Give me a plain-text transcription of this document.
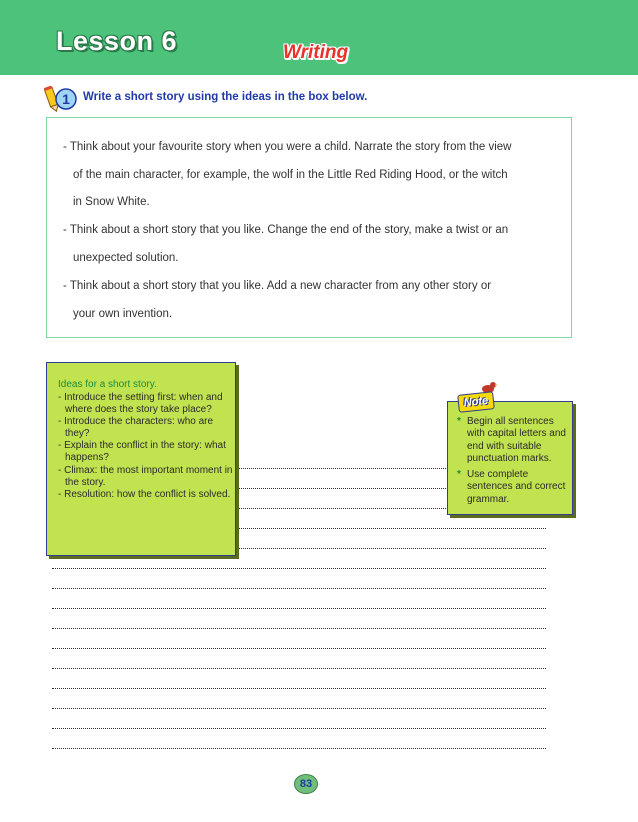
Lesson 6	Writing
1 Write a short story using the ideas in the box below.
- Think about your favourite story when you were a child. Narrate the story from the view
of the main character, for example, the wolf in the Little Red Riding Hood, or the witch
in Snow White.
- Think about a short story that you like. Change the end of the story, make a twist or an
unexpected solution.
- Think about a short story that you like. Add a new character from any other story or
your own invention.
Ideas for a short story.
- Introduce the setting first: when and where does the story take place?
- Introduce the characters: who are they?
- Explain the conflict in the story: what happens?
- Climax: the most important moment in the story.
- Resolution: how the conflict is solved.
* Begin all sentences with capital letters and end with suitable punctuation marks.
* Use complete sentences and correct grammar.
Note
83
